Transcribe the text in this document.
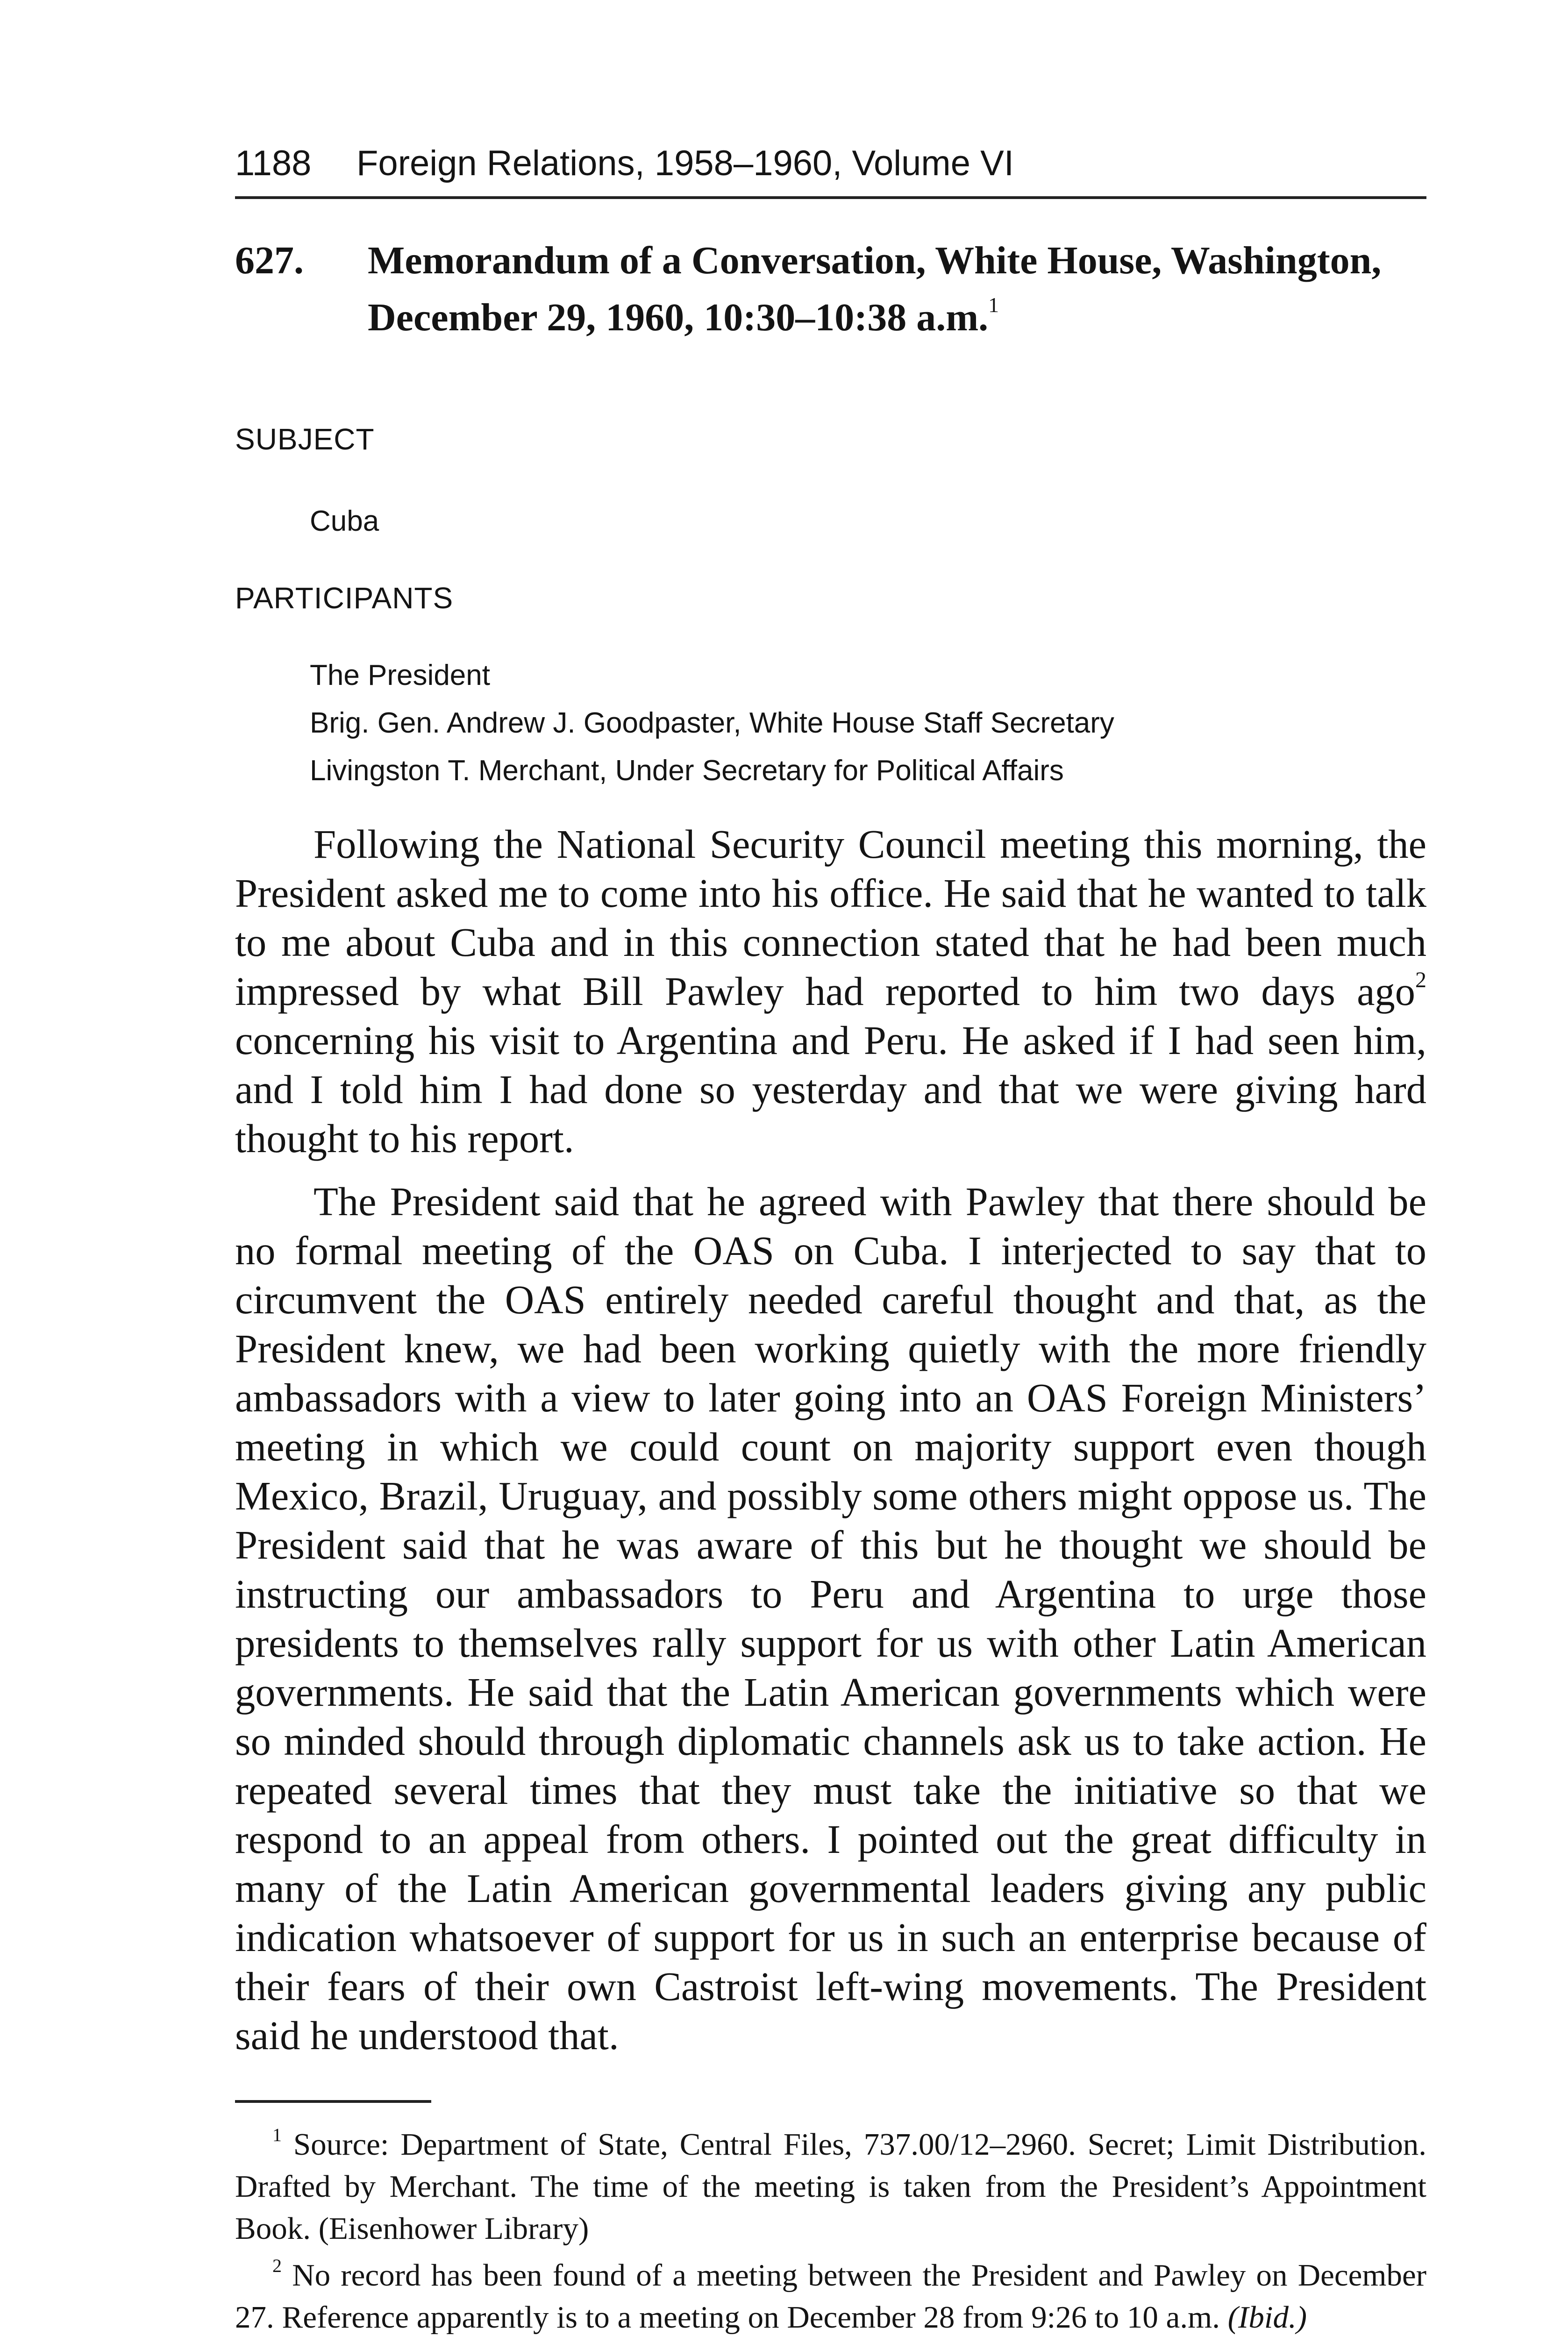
1188 Foreign Relations, 1958–1960, Volume VI
627. Memorandum of a Conversation, White House, Washington, December 29, 1960, 10:30–10:38 a.m.$^1$
SUBJECT
Cuba
PARTICIPANTS
The President
Brig. Gen. Andrew J. Goodpaster, White House Staff Secretary
Livingston T. Merchant, Under Secretary for Political Affairs

Following the National Security Council meeting this morning, the President asked me to come into his office. He said that he wanted to talk to me about Cuba and in this connection stated that he had been much impressed by what Bill Pawley had reported to him two days ago$^2$ concerning his visit to Argentina and Peru. He asked if I had seen him, and I told him I had done so yesterday and that we were giving hard thought to his report.

The President said that he agreed with Pawley that there should be no formal meeting of the OAS on Cuba. I interjected to say that to circumvent the OAS entirely needed careful thought and that, as the President knew, we had been working quietly with the more friendly ambassadors with a view to later going into an OAS Foreign Ministers’ meeting in which we could count on majority support even though Mexico, Brazil, Uruguay, and possibly some others might oppose us. The President said that he was aware of this but he thought we should be instructing our ambassadors to Peru and Argentina to urge those presidents to themselves rally support for us with other Latin American governments. He said that the Latin American governments which were so minded should through diplomatic channels ask us to take action. He repeated several times that they must take the initiative so that we respond to an appeal from others. I pointed out the great difficulty in many of the Latin American governmental leaders giving any public indication whatsoever of support for us in such an enterprise because of their fears of their own Castroist left-wing movements. The President said he understood that.

$^1$ Source: Department of State, Central Files, 737.00/12–2960. Secret; Limit Distribution. Drafted by Merchant. The time of the meeting is taken from the President’s Appointment Book. (Eisenhower Library)

$^2$ No record has been found of a meeting between the President and Pawley on December 27. Reference apparently is to a meeting on December 28 from 9:26 to 10 a.m. (Ibid.)
